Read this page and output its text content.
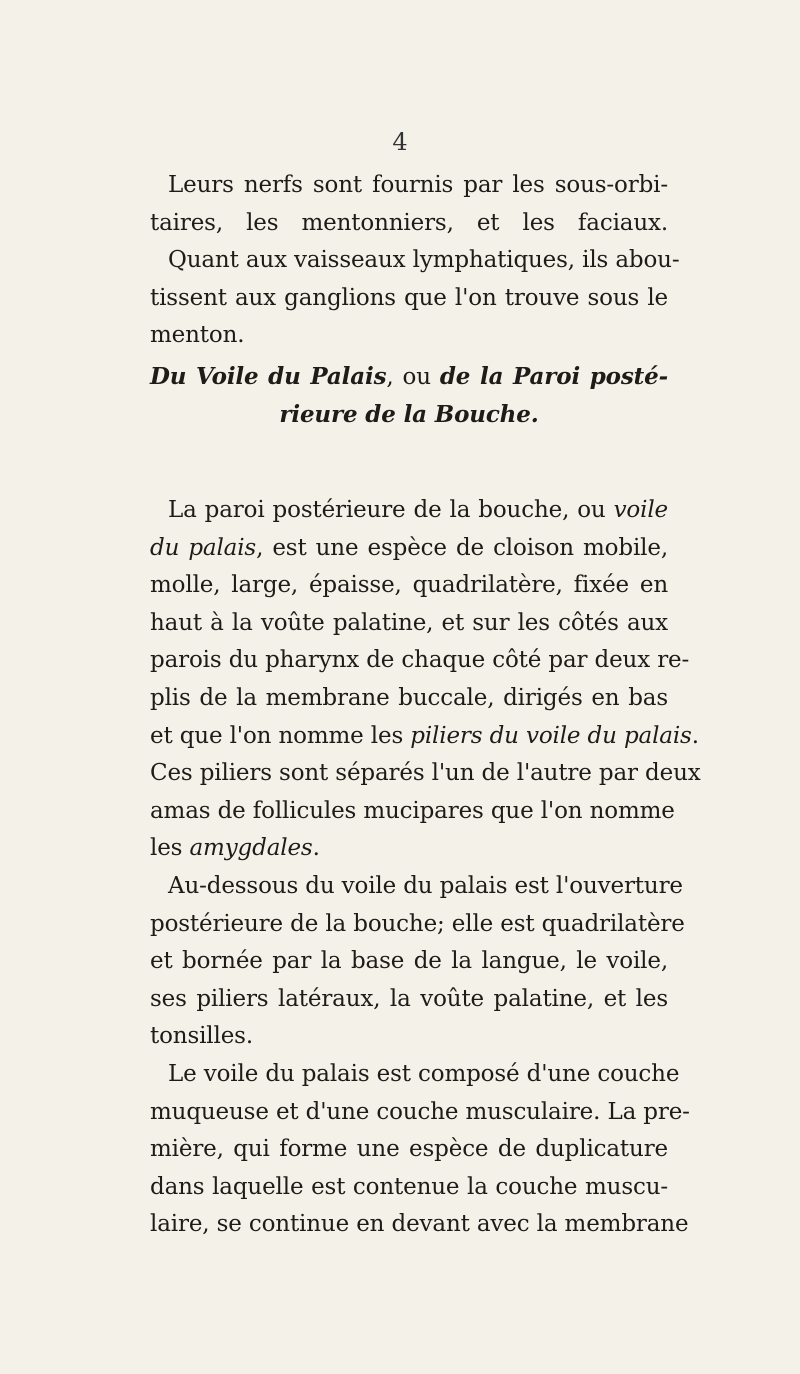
4
Leurs nerfs sont fournis par les sous-orbi-
taires, les mentonniers, et les faciaux.
Quant aux vaisseaux lymphatiques, ils abou-
tissent aux ganglions que l'on trouve sous le
menton.
Du Voile du Palais, ou de la Paroi posté-
rieure de la Bouche.
La paroi postérieure de la bouche, ou voile
du palais, est une espèce de cloison mobile,
molle, large, épaisse, quadrilatère, fixée en
haut à la voûte palatine, et sur les côtés aux
parois du pharynx de chaque côté par deux re-
plis de la membrane buccale, dirigés en bas
et que l'on nomme les piliers du voile du palais.
Ces piliers sont séparés l'un de l'autre par deux
amas de follicules mucipares que l'on nomme
les amygdales.
Au-dessous du voile du palais est l'ouverture
postérieure de la bouche; elle est quadrilatère
et bornée par la base de la langue, le voile,
ses piliers latéraux, la voûte palatine, et les
tonsilles.
Le voile du palais est composé d'une couche
muqueuse et d'une couche musculaire. La pre-
mière, qui forme une espèce de duplicature
dans laquelle est contenue la couche muscu-
laire, se continue en devant avec la membrane
